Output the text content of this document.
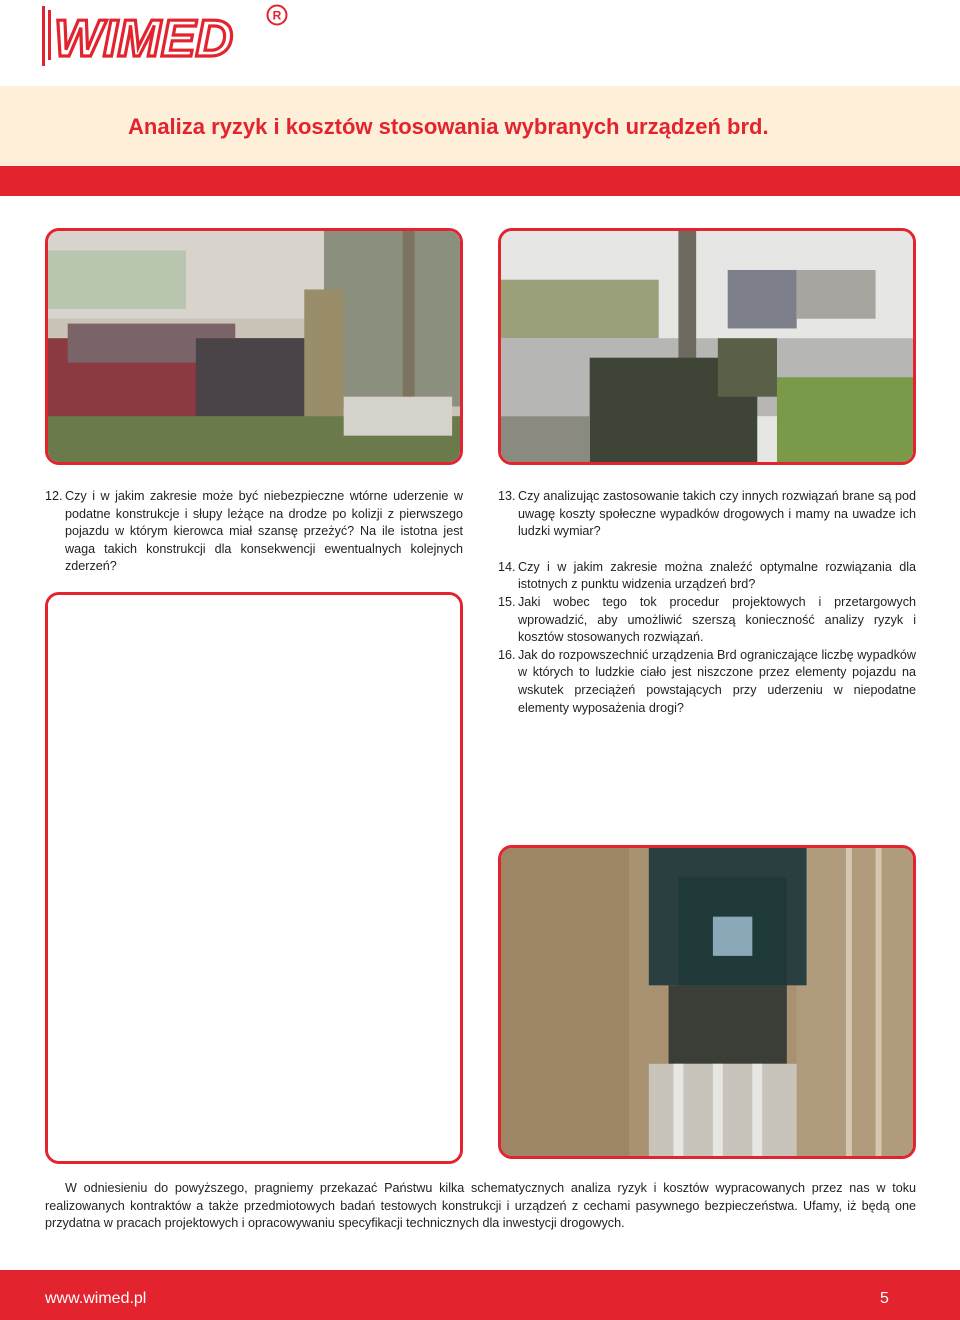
WIMED	R
Analiza ryzyk i kosztów stosowania wybranych urządzeń brd.
12. Czy i w jakim zakresie może być niebezpieczne wtórne uderzenie w podatne konstrukcje i słupy leżące na drodze po kolizji z pierwszego pojazdu w którym kierowca miał szansę przeżyć? Na ile istotna jest waga takich konstrukcji dla konsekwencji ewentualnych kolejnych zderzeń?
13. Czy analizując zastosowanie takich czy innych rozwiązań brane są pod uwagę koszty społeczne wypadków drogowych i mamy na uwadze ich ludzki wymiar?
14. Czy i w jakim zakresie można znaleźć optymalne rozwiązania dla istotnych z punktu widzenia urządzeń brd?
15. Jaki wobec tego tok procedur projektowych i przetargowych wprowadzić, aby umożliwić szerszą konieczność analizy ryzyk i kosztów stosowanych rozwiązań.
16. Jak do rozpowszechnić urządzenia Brd ograniczające liczbę wypadków w których to ludzkie ciało jest niszczone przez elementy pojazdu na wskutek przeciążeń powstających przy uderzeniu w niepodatne elementy wyposażenia drogi?

W odniesieniu do powyższego, pragniemy przekazać Państwu kilka schematycznych analiza ryzyk i kosztów wypracowanych przez nas w toku realizowanych kontraktów a także przedmiotowych badań testowych konstrukcji i urządzeń z cechami pasywnego bezpieczeństwa. Ufamy, iż będą one przydatna w pracach projektowych i opracowywaniu specyfikacji technicznych dla inwestycji drogowych.

www.wimed.pl	5
